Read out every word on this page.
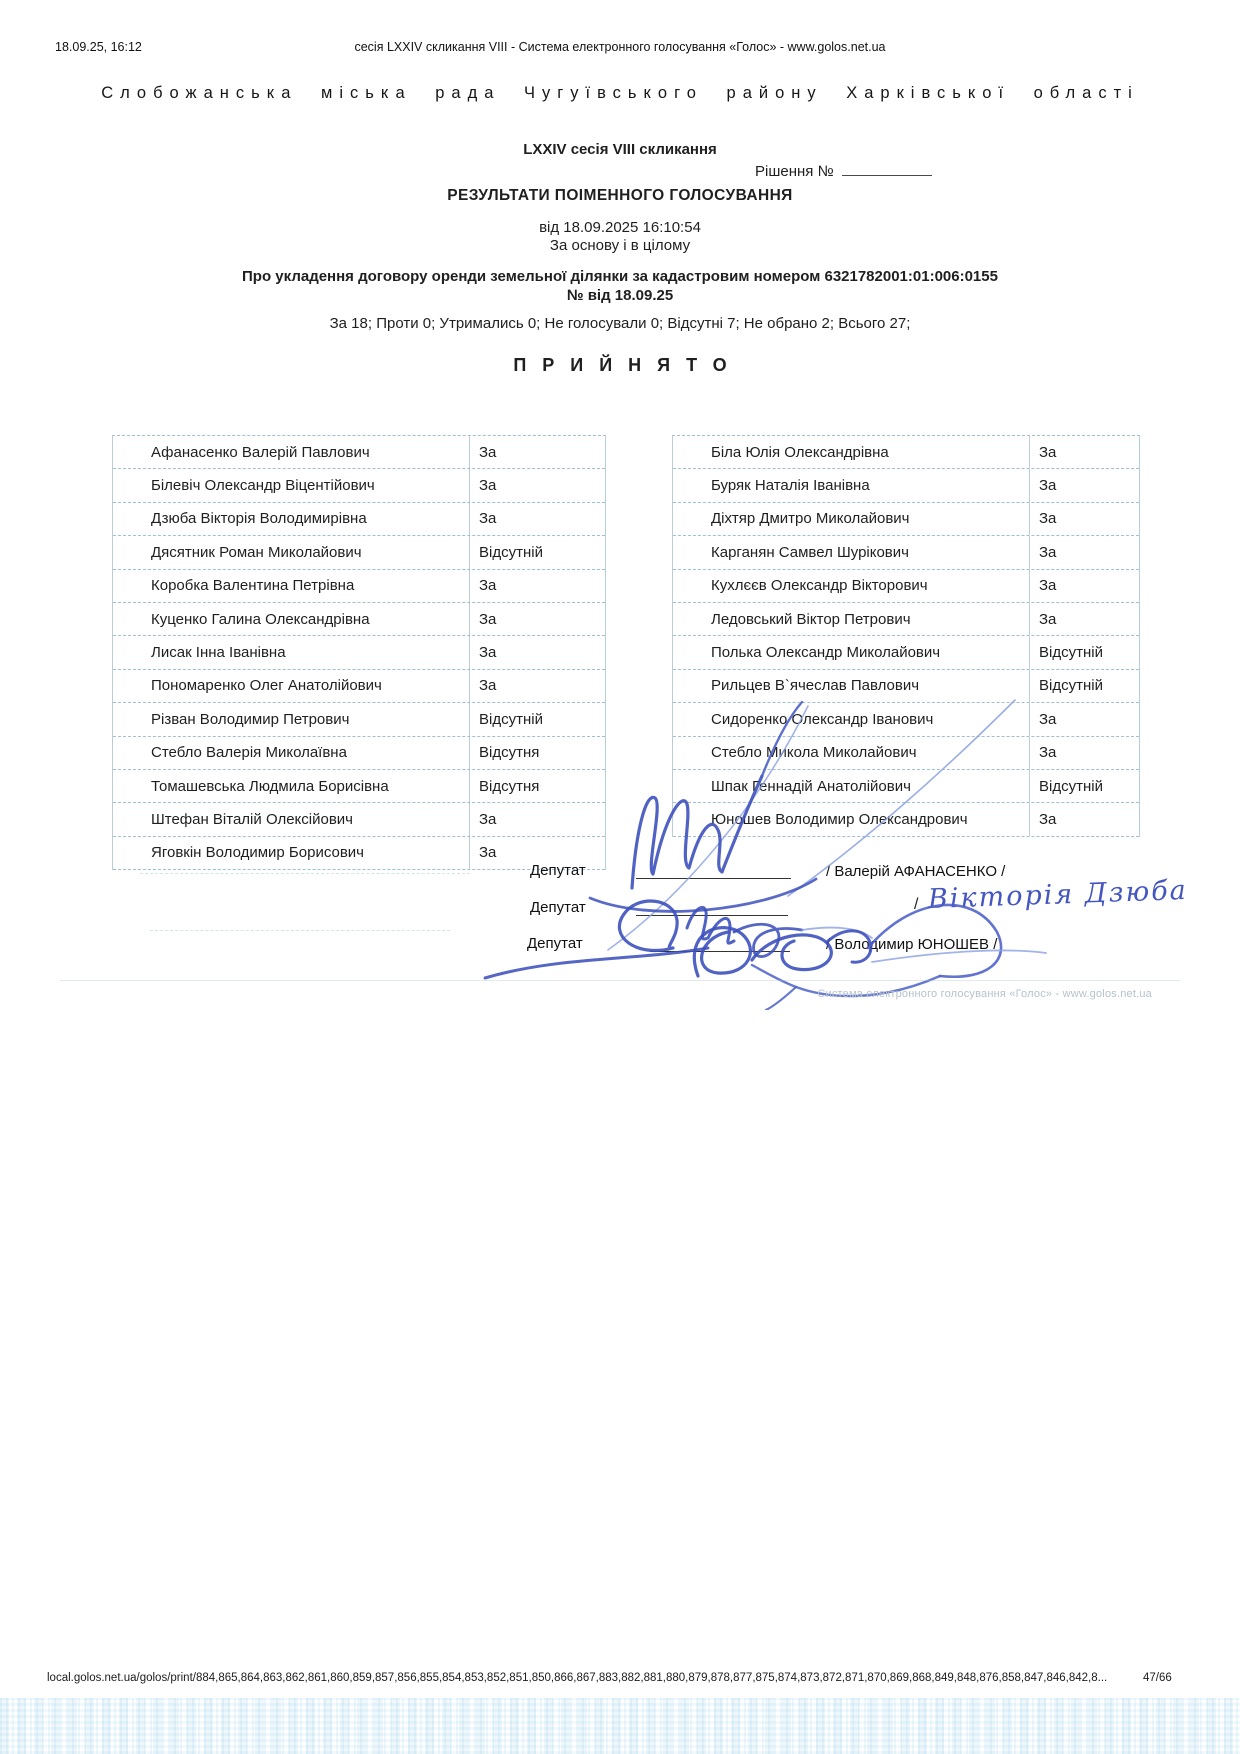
18.09.25, 16:12	сесія LXXIV скликання VIII - Система електронного голосування «Голос» - www.golos.net.ua
Слобожанська міська рада Чугуївського району Харківської області
LXXIV сесія VIII скликання
Рішення №
РЕЗУЛЬТАТИ ПОІМЕННОГО ГОЛОСУВАННЯ
від 18.09.2025 16:10:54
За основу і в цілому
Про укладення договору оренди земельної ділянки за кадастровим номером 6321782001:01:006:0155
№ від 18.09.25
За 18; Проти 0; Утримались 0; Не голосували 0; Відсутні 7; Не обрано 2; Всього 27;
ПРИЙНЯТО
Афанасенко Валерій Павлович	За
Білевіч Олександр Віцентійович	За
Дзюба Вікторія Володимирівна	За
Дясятник Роман Миколайович	Відсутній
Коробка Валентина Петрівна	За
Куценко Галина Олександрівна	За
Лисак Інна Іванівна	За
Пономаренко Олег Анатолійович	За
Різван Володимир Петрович	Відсутній
Стебло Валерія Миколаївна	Відсутня
Томашевська Людмила Борисівна	Відсутня
Штефан Віталій Олексійович	За
Яговкін Володимир Борисович	За
Біла Юлія Олександрівна	За
Буряк Наталія Іванівна	За
Діхтяр Дмитро Миколайович	За
Карганян Самвел Шурікович	За
Кухлєєв Олександр Вікторович	За
Ледовський Віктор Петрович	За
Полька Олександр Миколайович	Відсутній
Рильцев В`ячеслав Павлович	Відсутній
Сидоренко Олександр Іванович	За
Стебло Микола Миколайович	За
Шпак Геннадій Анатолійович	Відсутній
Юношев Володимир Олександрович	За
Депутат	/ Валерій АФАНАСЕНКО /
Депутат	/ Вікторія Дзюба
Депутат	/ Володимир ЮНОШЕВ /
Система електронного голосування «Голос» - www.golos.net.ua
local.golos.net.ua/golos/print/884,865,864,863,862,861,860,859,857,856,855,854,853,852,851,850,866,867,883,882,881,880,879,878,877,875,874,873,872,871,870,869,868,849,848,876,858,847,846,842,8...	47/66
